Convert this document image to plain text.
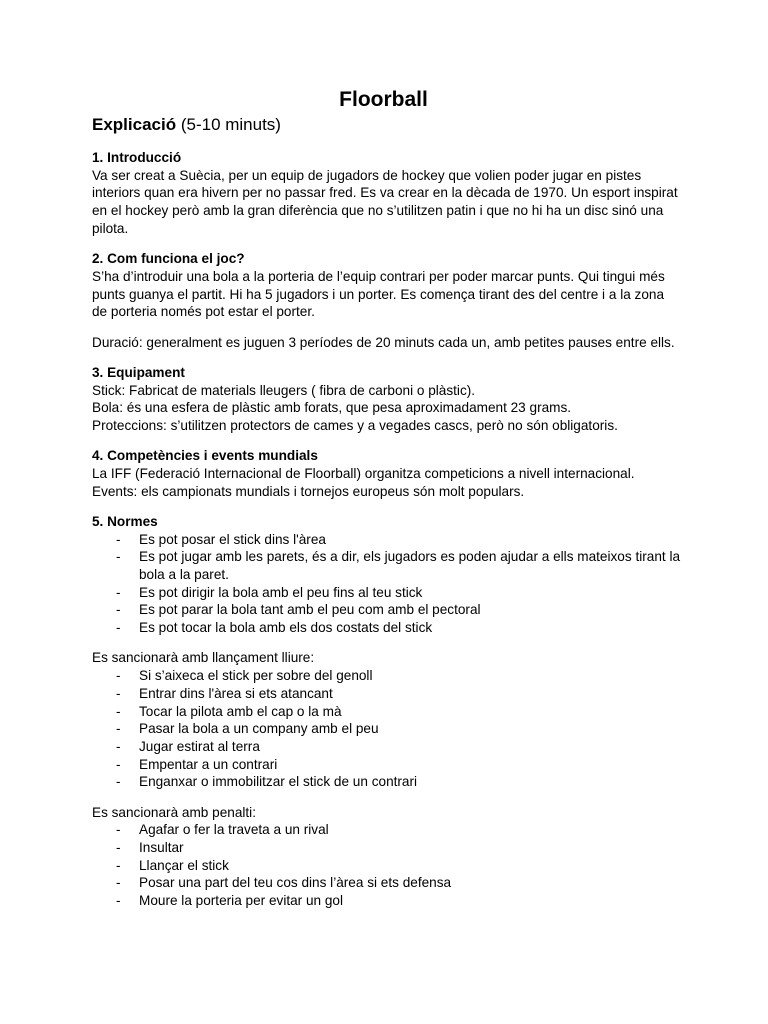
Floorball
Explicació (5-10 minuts)

1. Introducció

Va ser creat a Suècia, per un equip de jugadors de hockey que volien poder jugar en pistes interiors quan era hivern per no passar fred. Es va crear en la dècada de 1970. Un esport inspirat en el hockey però amb la gran diferència que no s’utilitzen patin i que no hi ha un disc sinó una pilota.

2. Com funciona el joc?

S’ha d’introduir una bola a la porteria de l’equip contrari per poder marcar punts. Qui tingui més punts guanya el partit. Hi ha 5 jugadors i un porter. Es comença tirant des del centre i a la zona de porteria només pot estar el porter.

Duració: generalment es juguen 3 períodes de 20 minuts cada un, amb petites pauses entre ells.

3. Equipament

Stick: Fabricat de materials lleugers ( fibra de carboni o plàstic).

Bola: és una esfera de plàstic amb forats, que pesa aproximadament 23 grams.

Proteccions: s’utilitzen protectors de cames y a vegades cascs, però no són obligatoris.

4. Competències i events mundials

La IFF (Federació Internacional de Floorball) organitza competicions a nivell internacional.

Events: els campionats mundials i tornejos europeus són molt populars.

5. Normes

- Es pot posar el stick dins l'àrea
- Es pot jugar amb les parets, és a dir, els jugadors es poden ajudar a ells mateixos tirant la bola a la paret.
- Es pot dirigir la bola amb el peu fins al teu stick
- Es pot parar la bola tant amb el peu com amb el pectoral
- Es pot tocar la bola amb els dos costats del stick

Es sancionarà amb llançament lliure:

- Si s’aixeca el stick per sobre del genoll
- Entrar dins l'àrea si ets atancant
- Tocar la pilota amb el cap o la mà
- Pasar la bola a un company amb el peu
- Jugar estirat al terra
- Empentar a un contrari
- Enganxar o immobilitzar el stick de un contrari

Es sancionarà amb penalti:

- Agafar o fer la traveta a un rival
- Insultar
- Llançar el stick
- Posar una part del teu cos dins l’àrea si ets defensa
- Moure la porteria per evitar un gol
